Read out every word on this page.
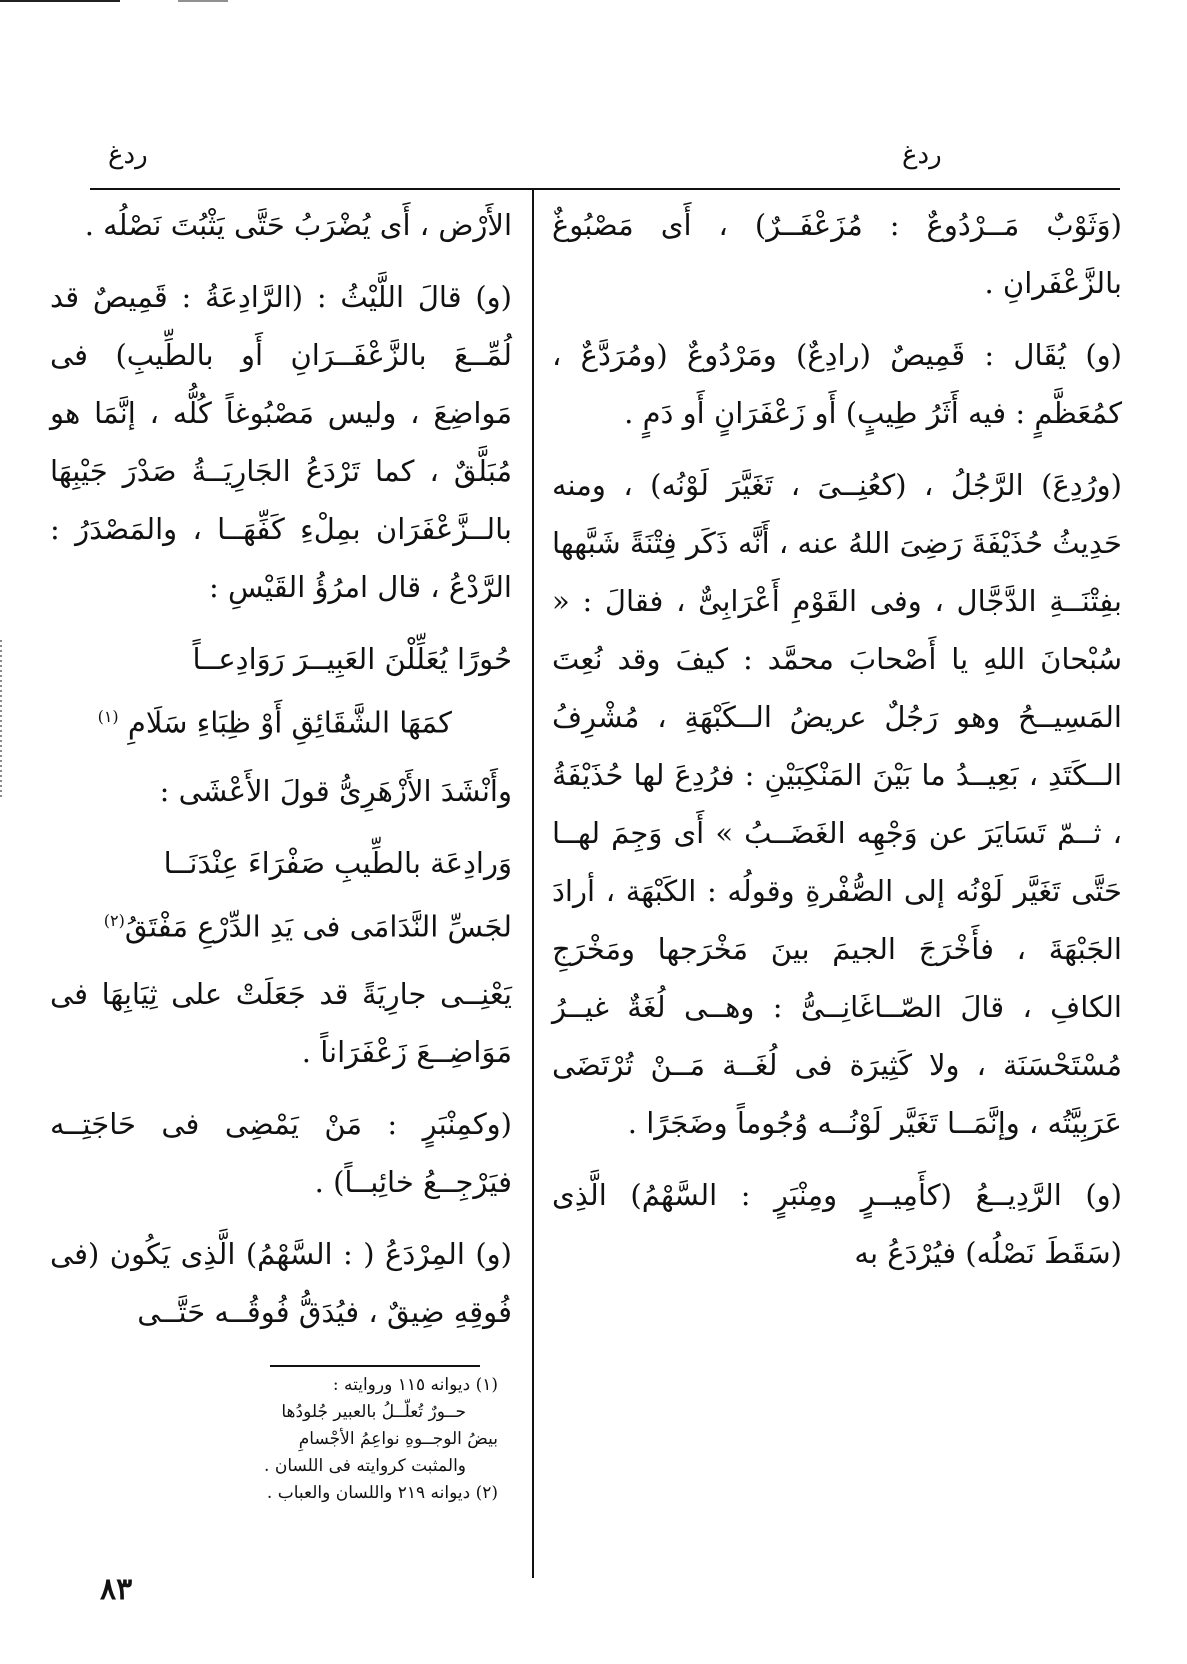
ردغ	ردغ

(وَثَوْبٌ مَــرْدُوعٌ : مُزَعْفَــرٌ) ، أَى مَصْبُوغٌ بالزَّعْفَرانِ .

(و) يُقَال : قَمِيصٌ (رادِعٌ) ومَرْدُوعٌ (ومُرَدَّعٌ ، كمُعَظَّمٍ : فيه أَثَرُ طِيبٍ) أَو زَعْفَرَانٍ أَو دَمٍ .

(ورُدِعَ) الرَّجُلُ ، (كعُنِــىَ ، تَغَيَّرَ لَوْنُه) ، ومنه حَدِيثُ حُذَيْفَةَ رَضِىَ اللهُ عنه ، أَنَّه ذَكَر فِتْنَةً شَبَّهها بفِتْنَــةِ الدَّجَّال ، وفى القَوْمِ أَعْرَابِىٌّ ، فقالَ : « سُبْحانَ اللهِ يا أَصْحابَ محمَّد : كيفَ وقد نُعِتَ المَسِيــحُ وهو رَجُلٌ عريضُ الــكَبْهَةِ ، مُشْرِفُ الــكَتَدِ ، بَعِيــدُ ما بَيْنَ المَنْكِبَيْنِ : فرُدِعَ لها حُذَيْفَةُ ، ثــمّ تَسَايَرَ عن وَجْهِه الغَضَــبُ » أَى وَجِمَ لهــا حَتَّى تَغَيَّر لَوْنُه إلى الصُّفْرةِ وقولُه : الكَبْهَة ، أرادَ الجَبْهَةَ ، فأَخْرَجَ الجيمَ بينَ مَخْرَجها ومَخْرَجِ الكافِ ، قالَ الصّــاغَانِــىُّ : وهــى لُغَةٌ غيــرُ مُسْتَحْسَنَة ، ولا كَثِيرَة فى لُغَــة مَــنْ تُرْتَضَى عَرَبِيَّتُه ، وإنَّمَــا تَغَيَّر لَوْنُــه وُجُوماً وضَجَرًا .

(و) الرَّدِيــعُ (كأَمِيــرٍ ومِنْبَرٍ : السَّهْمُ) الَّذِى (سَقَطَ نَصْلُه) فيُرْدَعُ به

الأَرْض ، أَى يُضْرَبُ حَتَّى يَثْبُتَ نَصْلُه .

(و) قالَ اللَّيْثُ : (الرَّادِعَةُ : قَمِيصٌ قد لُمِّــعَ بالزَّعْفَــرَانِ أَو بالطِّيبِ) فى مَواضِعَ ، وليس مَصْبُوغاً كُلُّه ، إنَّمَا هو مُبَلَّقٌ ، كما تَرْدَعُ الجَارِيَــةُ صَدْرَ جَيْبِهَا بالــزَّعْفَرَان بمِلْءِ كَفِّهَــا ، والمَصْدَرُ : الرَّدْعُ ، قال امرُؤُ القَيْسِ :

حُورًا يُعَلِّلْنَ العَبِيــرَ رَوَادِعــاً
كمَهَا الشَّقَائِقِ أَوْ ظِبَاءِ سَلَامِ $^{(١)}$

وأَنْشَدَ الأَزْهَرِىُّ قولَ الأَعْشَى :

وَرادِعَة بالطِّيبِ صَفْرَاءَ عِنْدَنَــا
لجَسِّ النَّدَامَى فى يَدِ الدِّرْعِ مَفْتَقُ$^{(٢)}$

يَعْنِــى جارِيَةً قد جَعَلَتْ على ثِيَابِهَا فى مَوَاضِــعَ زَعْفَرَاناً .

(وكمِنْبَرٍ : مَنْ يَمْضِى فى حَاجَتِــه فيَرْجِــعُ خائِبــاً) .

(و) المِرْدَعُ ( : السَّهْمُ) الَّذِى يَكُون (فى فُوقِهِ ضِيقٌ ، فيُدَقُّ فُوقُــه حَتَّــى

(١) ديوانه ١١٥ وروايته :
حــورٌ تُعلّــلُ بالعبير جُلودُها
بيضُ الوجــوهِ نواعِمُ الأجْسامِ
والمثبت كروايته فى اللسان .
(٢) ديوانه ٢١٩ واللسان والعباب .
٨٣
